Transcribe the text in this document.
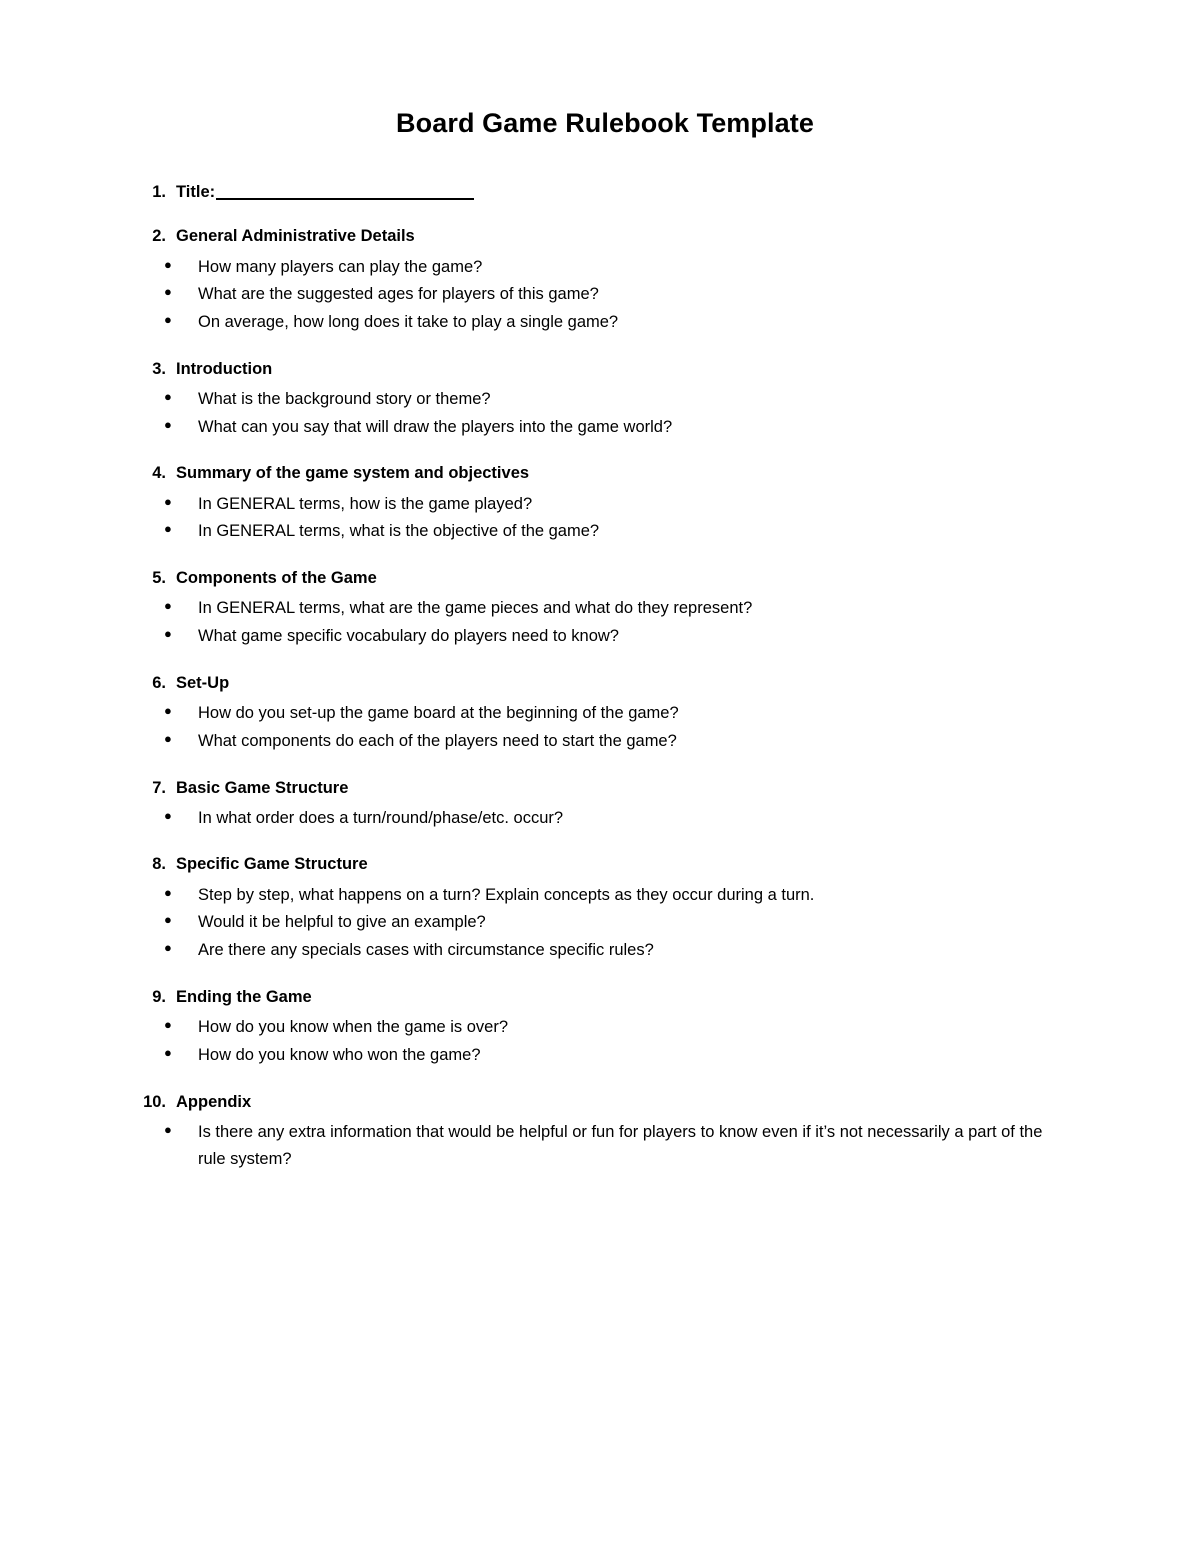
Board Game Rulebook Template
1. Title:
2. General Administrative Details
●	How many players can play the game?
●	What are the suggested ages for players of this game?
●	On average, how long does it take to play a single game?
3. Introduction
●	What is the background story or theme?
●	What can you say that will draw the players into the game world?
4. Summary of the game system and objectives
●	In GENERAL terms, how is the game played?
●	In GENERAL terms, what is the objective of the game?
5. Components of the Game
●	In GENERAL terms, what are the game pieces and what do they represent?
●	What game specific vocabulary do players need to know?
6. Set-Up
●	How do you set-up the game board at the beginning of the game?
●	What components do each of the players need to start the game?
7. Basic Game Structure
●	In what order does a turn/round/phase/etc. occur?
8. Specific Game Structure
●	Step by step, what happens on a turn? Explain concepts as they occur during a turn.
●	Would it be helpful to give an example?
●	Are there any specials cases with circumstance specific rules?
9. Ending the Game
●	How do you know when the game is over?
●	How do you know who won the game?
10. Appendix
●	Is there any extra information that would be helpful or fun for players to know even if it’s not necessarily a part of the rule system?
